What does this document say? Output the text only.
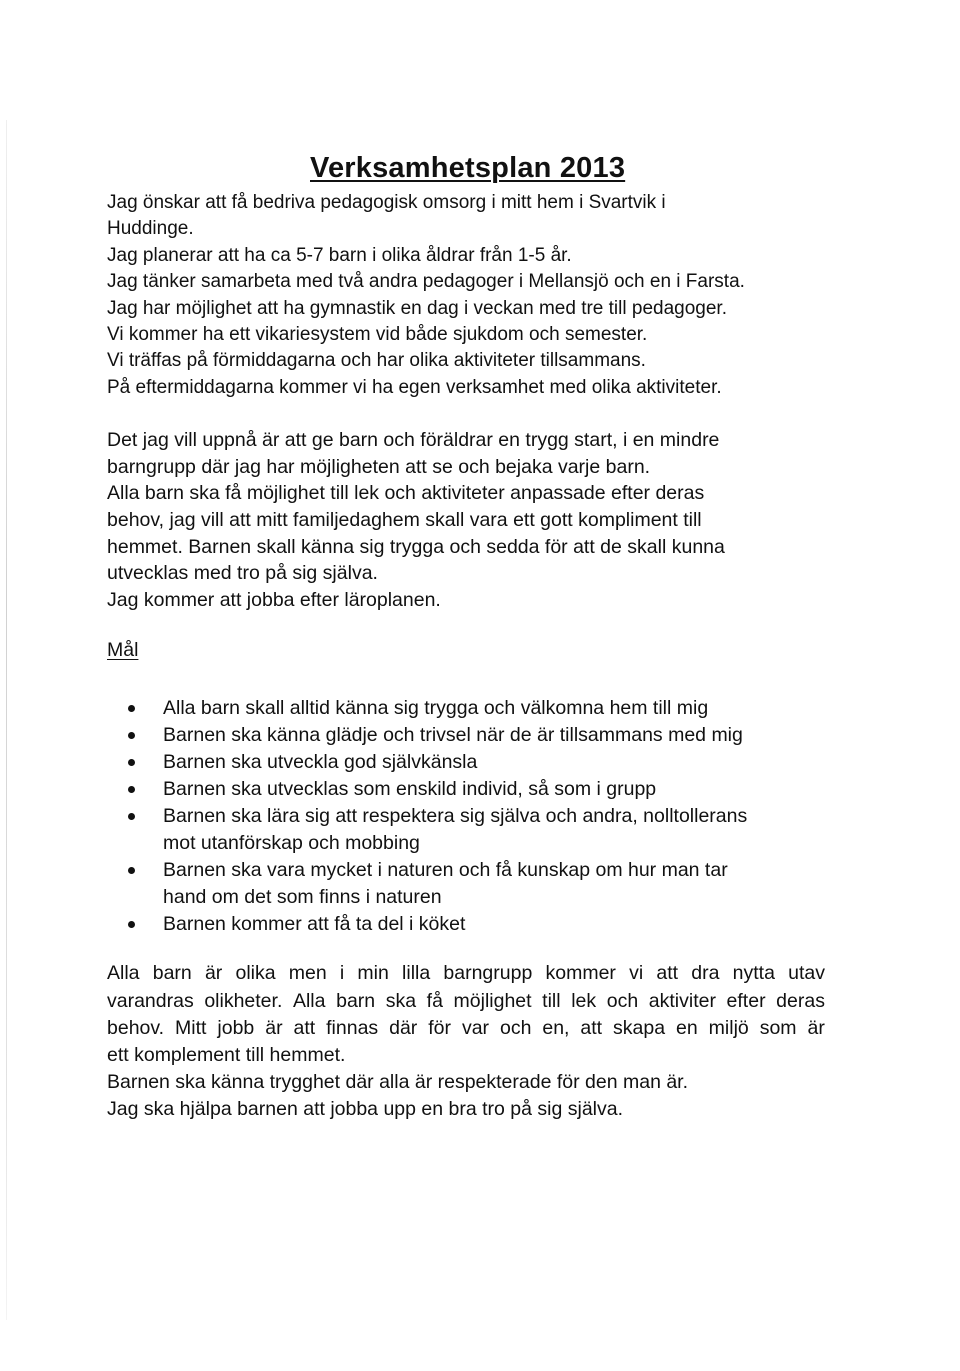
Verksamhetsplan 2013
Jag önskar att få bedriva pedagogisk omsorg i mitt hem i Svartvik i
Huddinge.
Jag planerar att ha ca 5-7 barn i olika åldrar från 1-5 år.
Jag tänker samarbeta med två andra pedagoger i Mellansjö och en i Farsta.
Jag har möjlighet att ha gymnastik en dag i veckan med tre till pedagoger.
Vi kommer ha ett vikariesystem vid både sjukdom och semester.
Vi träffas på förmiddagarna och har olika aktiviteter tillsammans.
På eftermiddagarna kommer vi ha egen verksamhet med olika aktiviteter.
Det jag vill uppnå är att ge barn och föräldrar en trygg start, i en mindre
barngrupp där jag har möjligheten att se och bejaka varje barn.
Alla barn ska få möjlighet till lek och aktiviteter anpassade efter deras
behov, jag vill att mitt familjedaghem skall vara ett gott kompliment till
hemmet. Barnen skall känna sig trygga och sedda för att de skall kunna
utvecklas med tro på sig själva.
Jag kommer att jobba efter läroplanen.
Mål
Alla barn skall alltid känna sig trygga och välkomna hem till mig
Barnen ska känna glädje och trivsel när de är tillsammans med mig
Barnen ska utveckla god självkänsla
Barnen ska utvecklas som enskild individ, så som i grupp
Barnen ska lära sig att respektera sig själva och andra, nolltollerans
mot utanförskap och mobbing
Barnen ska vara mycket i naturen och få kunskap om hur man tar
hand om det som finns i naturen
Barnen kommer att få ta del i köket
Alla barn är olika men i min lilla barngrupp kommer vi att dra nytta utav
varandras olikheter. Alla barn ska få möjlighet till lek och aktiviter efter deras
behov. Mitt jobb är att finnas där för var och en, att skapa en miljö som är
ett komplement till hemmet.
Barnen ska känna trygghet där alla är respekterade för den man är.
Jag ska hjälpa barnen att jobba upp en bra tro på sig själva.
